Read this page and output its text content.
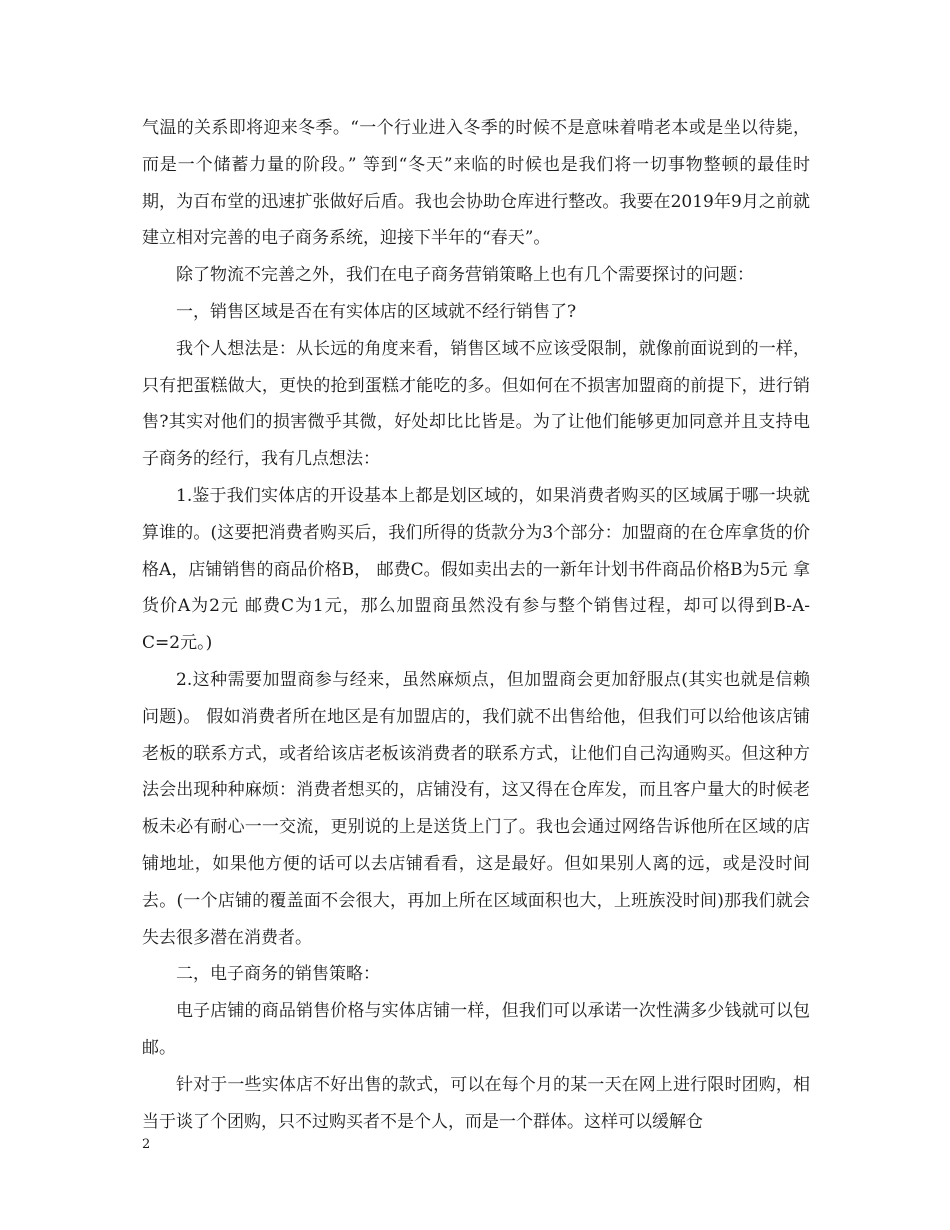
气温的关系即将迎来冬季。“一个行业进入冬季的时候不是意味着啃老本或是坐以待毙，而是一个储蓄力量的阶段。” 等到“冬天”来临的时候也是我们将一切事物整顿的最佳时期，为百布堂的迅速扩张做好后盾。我也会协助仓库进行整改。我要在2019年9月之前就建立相对完善的电子商务系统，迎接下半年的“春天”。

除了物流不完善之外，我们在电子商务营销策略上也有几个需要探讨的问题：

一，销售区域是否在有实体店的区域就不经行销售了?

我个人想法是：从长远的角度来看，销售区域不应该受限制，就像前面说到的一样，只有把蛋糕做大，更快的抢到蛋糕才能吃的多。但如何在不损害加盟商的前提下，进行销售?其实对他们的损害微乎其微，好处却比比皆是。为了让他们能够更加同意并且支持电子商务的经行，我有几点想法：

1.鉴于我们实体店的开设基本上都是划区域的，如果消费者购买的区域属于哪一块就算谁的。(这要把消费者购买后，我们所得的货款分为3个部分：加盟商的在仓库拿货的价格A，店铺销售的商品价格B， 邮费C。假如卖出去的一新年计划书件商品价格B为5元 拿货价A为2元 邮费C为1元，那么加盟商虽然没有参与整个销售过程，却可以得到B-A-C=2元。)

2.这种需要加盟商参与经来，虽然麻烦点，但加盟商会更加舒服点(其实也就是信赖问题)。 假如消费者所在地区是有加盟店的，我们就不出售给他，但我们可以给他该店铺老板的联系方式，或者给该店老板该消费者的联系方式，让他们自己沟通购买。但这种方法会出现种种麻烦：消费者想买的，店铺没有，这又得在仓库发，而且客户量大的时候老板未必有耐心一一交流，更别说的上是送货上门了。我也会通过网络告诉他所在区域的店铺地址，如果他方便的话可以去店铺看看，这是最好。但如果别人离的远，或是没时间去。(一个店铺的覆盖面不会很大，再加上所在区域面积也大，上班族没时间)那我们就会失去很多潜在消费者。

二，电子商务的销售策略：

电子店铺的商品销售价格与实体店铺一样，但我们可以承诺一次性满多少钱就可以包邮。

针对于一些实体店不好出售的款式，可以在每个月的某一天在网上进行限时团购，相当于谈了个团购，只不过购买者不是个人，而是一个群体。这样可以缓解仓

2
